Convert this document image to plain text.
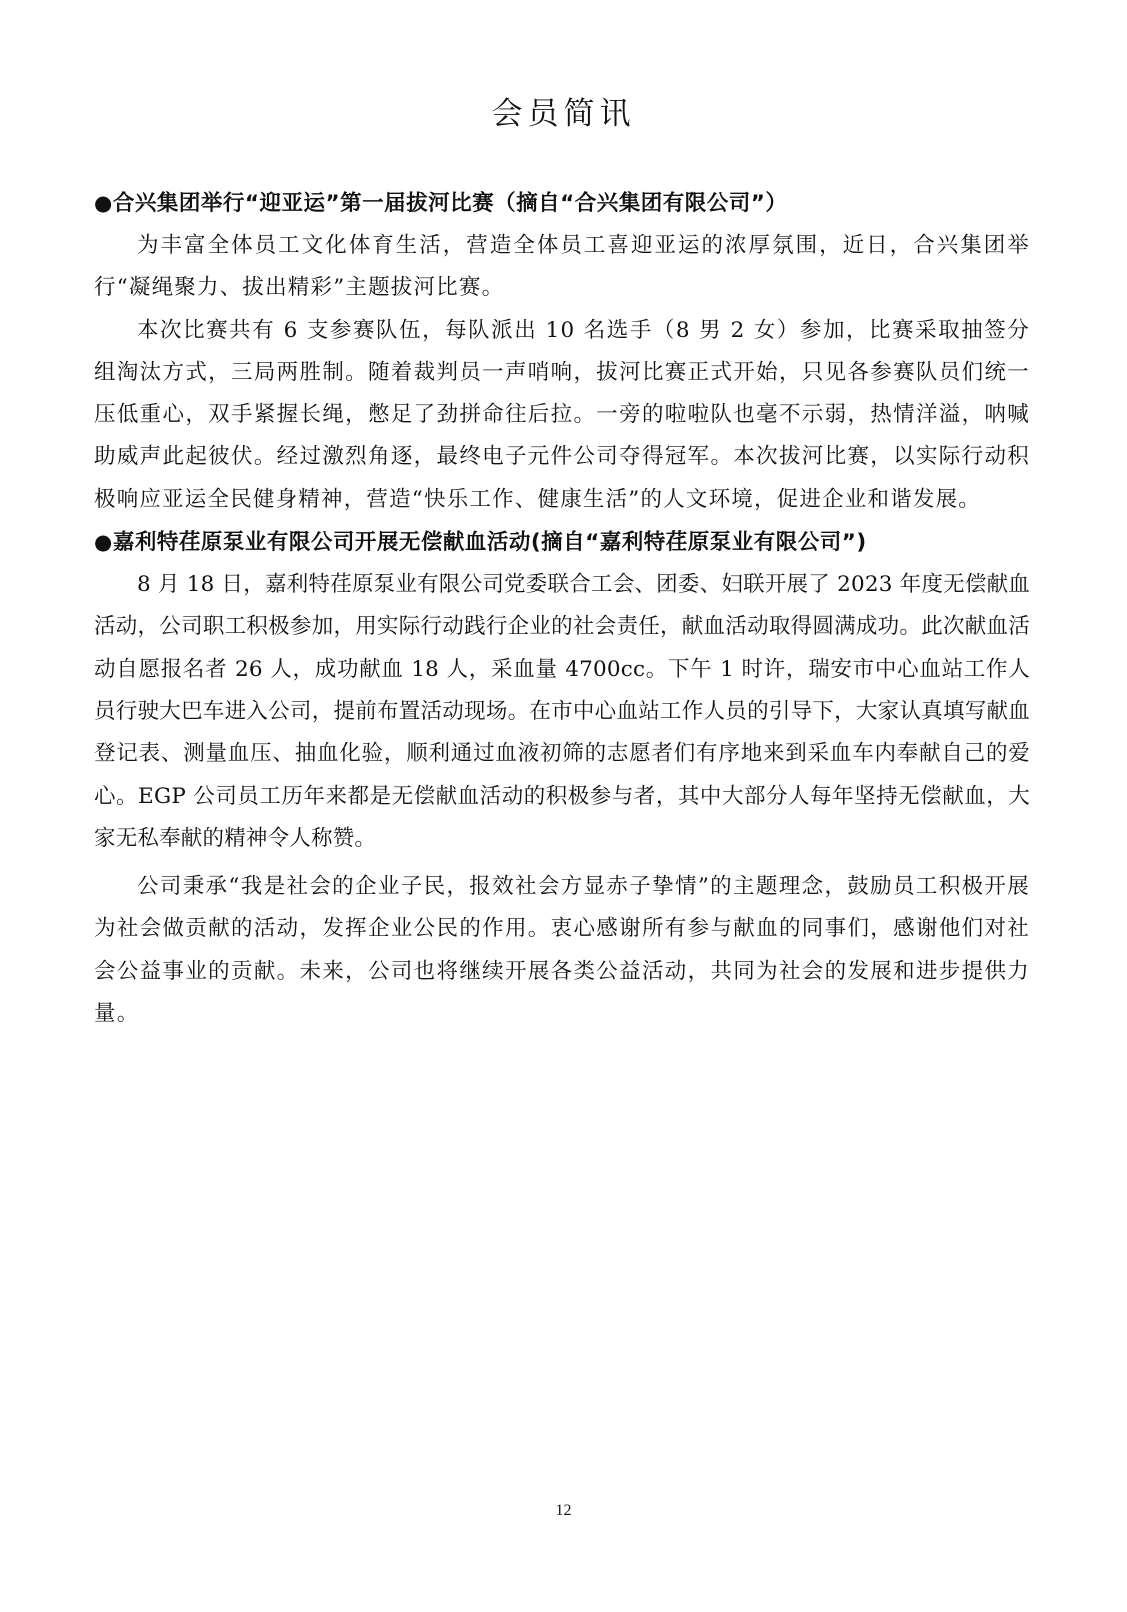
会员简讯

●合兴集团举行“迎亚运”第一届拔河比赛（摘自“合兴集团有限公司”）

为丰富全体员工文化体育生活，营造全体员工喜迎亚运的浓厚氛围，近日，合兴集团举行“凝绳聚力、拔出精彩”主题拔河比赛。

本次比赛共有 6 支参赛队伍，每队派出 10 名选手（8 男 2 女）参加，比赛采取抽签分组淘汰方式，三局两胜制。随着裁判员一声哨响，拔河比赛正式开始，只见各参赛队员们统一压低重心，双手紧握长绳，憋足了劲拼命往后拉。一旁的啦啦队也毫不示弱，热情洋溢，呐喊助威声此起彼伏。经过激烈角逐，最终电子元件公司夺得冠军。本次拔河比赛，以实际行动积极响应亚运全民健身精神，营造“快乐工作、健康生活”的人文环境，促进企业和谐发展。

●嘉利特荏原泵业有限公司开展无偿献血活动(摘自“嘉利特荏原泵业有限公司”)

8 月 18 日，嘉利特荏原泵业有限公司党委联合工会、团委、妇联开展了 2023 年度无偿献血活动，公司职工积极参加，用实际行动践行企业的社会责任，献血活动取得圆满成功。此次献血活动自愿报名者 26 人，成功献血 18 人，采血量 4700cc。下午 1 时许，瑞安市中心血站工作人员行驶大巴车进入公司，提前布置活动现场。在市中心血站工作人员的引导下，大家认真填写献血登记表、测量血压、抽血化验，顺利通过血液初筛的志愿者们有序地来到采血车内奉献自己的爱心。EGP 公司员工历年来都是无偿献血活动的积极参与者，其中大部分人每年坚持无偿献血，大家无私奉献的精神令人称赞。

公司秉承“我是社会的企业子民，报效社会方显赤子挚情”的主题理念，鼓励员工积极开展为社会做贡献的活动，发挥企业公民的作用。衷心感谢所有参与献血的同事们，感谢他们对社会公益事业的贡献。未来，公司也将继续开展各类公益活动，共同为社会的发展和进步提供力量。

12
